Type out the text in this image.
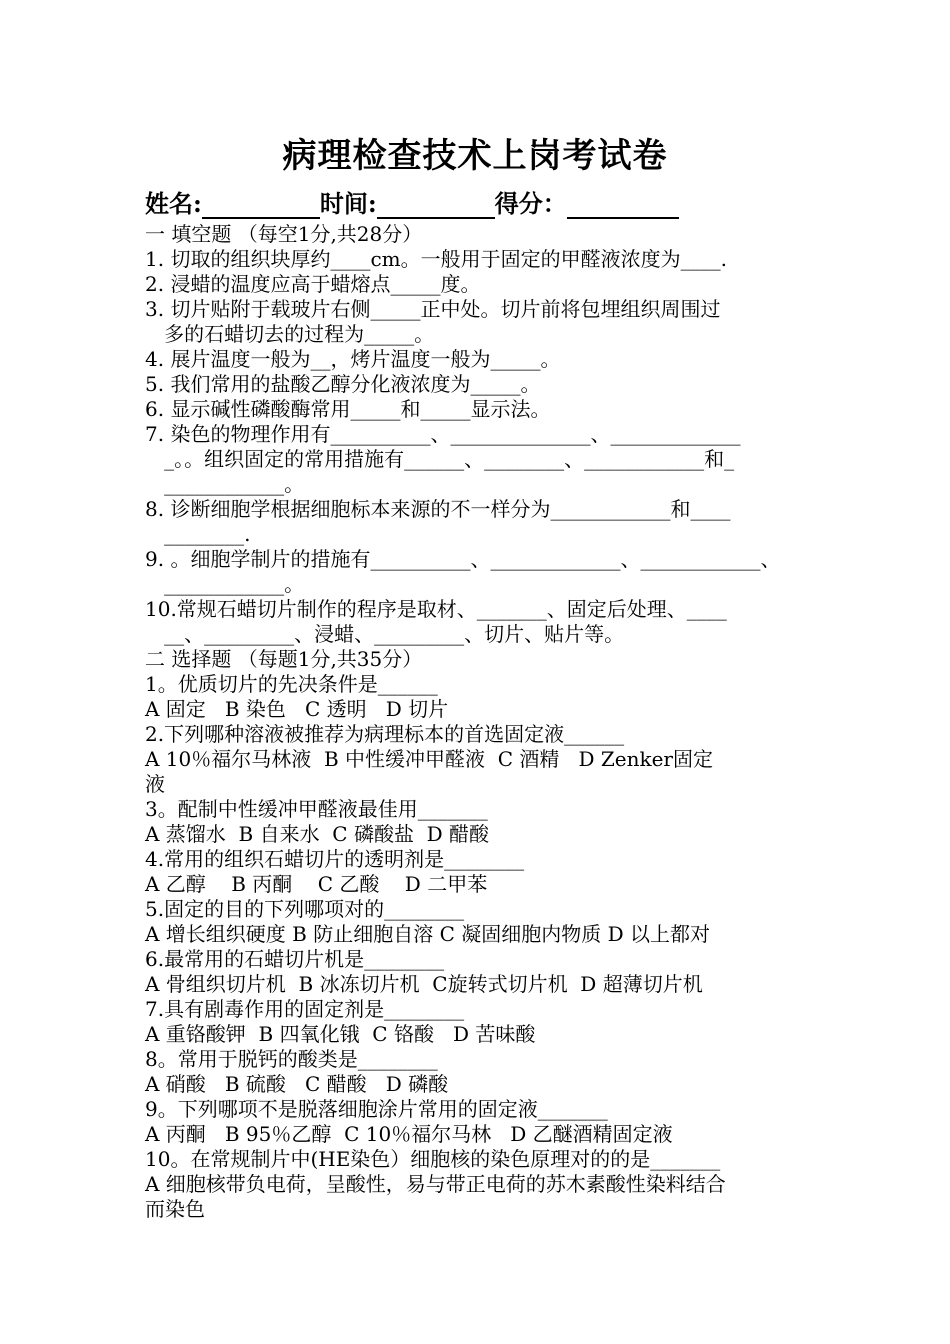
病理检查技术上岗考试卷
姓名:	时间:	得分：
一 填空题 （每空1分,共28分）
1. 切取的组织块厚约____cm。一般用于固定的甲醛液浓度为____.
2. 浸蜡的温度应高于蜡熔点_____度。
3. 切片贴附于载玻片右侧_____正中处。切片前将包埋组织周围过
多的石蜡切去的过程为_____。
4. 展片温度一般为__，烤片温度一般为_____。
5. 我们常用的盐酸乙醇分化液浓度为_____。
6. 显示碱性磷酸酶常用_____和_____显示法。
7. 染色的物理作用有__________、______________、_____________
_。。组织固定的常用措施有______、________、____________和_
____________。
8. 诊断细胞学根据细胞标本来源的不一样分为____________和____
________.
9. 。细胞学制片的措施有__________、_____________、____________、
____________。
10.常规石蜡切片制作的程序是取材、_______、固定后处理、____
__、_________、浸蜡、_________、切片、贴片等。
二 选择题 （每题1分,共35分）
1。优质切片的先决条件是______
A 固定   B 染色   C 透明   D 切片
2.下列哪种溶液被推荐为病理标本的首选固定液______
A 10％福尔马林液  B 中性缓冲甲醛液  C 酒精   D Zenker固定
液
3。配制中性缓冲甲醛液最佳用_______
A 蒸馏水  B 自来水  C 磷酸盐  D 醋酸
4.常用的组织石蜡切片的透明剂是________
A 乙醇    B 丙酮    C 乙酸    D 二甲苯
5.固定的目的下列哪项对的________
A 增长组织硬度 B 防止细胞自溶 C 凝固细胞内物质 D 以上都对
6.最常用的石蜡切片机是________
A 骨组织切片机  B 冰冻切片机  C旋转式切片机  D 超薄切片机
7.具有剧毒作用的固定剂是________
A 重铬酸钾  B 四氧化锇  C 铬酸   D 苦味酸
8。常用于脱钙的酸类是________
A 硝酸   B 硫酸   C 醋酸   D 磷酸
9。下列哪项不是脱落细胞涂片常用的固定液_______
A 丙酮   B 95％乙醇  C 10％福尔马林   D 乙醚酒精固定液
10。在常规制片中(HE染色）细胞核的染色原理对的的是_______
A 细胞核带负电荷，呈酸性，易与带正电荷的苏木素酸性染料结合
而染色
